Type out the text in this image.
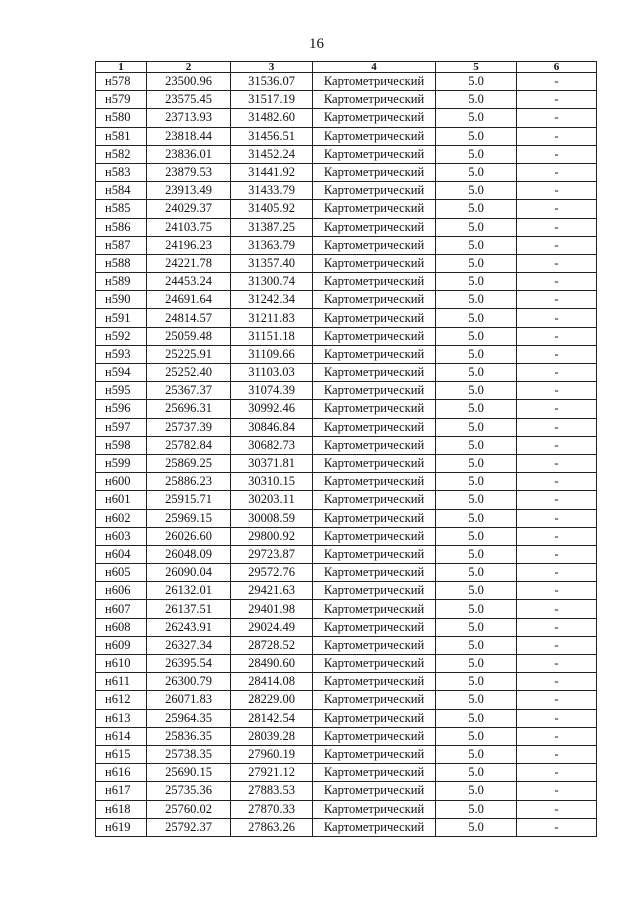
16
1	2	3	4	5	6
н578	23500.96	31536.07	Картометрический	5.0	-
н579	23575.45	31517.19	Картометрический	5.0	-
н580	23713.93	31482.60	Картометрический	5.0	-
н581	23818.44	31456.51	Картометрический	5.0	-
н582	23836.01	31452.24	Картометрический	5.0	-
н583	23879.53	31441.92	Картометрический	5.0	-
н584	23913.49	31433.79	Картометрический	5.0	-
н585	24029.37	31405.92	Картометрический	5.0	-
н586	24103.75	31387.25	Картометрический	5.0	-
н587	24196.23	31363.79	Картометрический	5.0	-
н588	24221.78	31357.40	Картометрический	5.0	-
н589	24453.24	31300.74	Картометрический	5.0	-
н590	24691.64	31242.34	Картометрический	5.0	-
н591	24814.57	31211.83	Картометрический	5.0	-
н592	25059.48	31151.18	Картометрический	5.0	-
н593	25225.91	31109.66	Картометрический	5.0	-
н594	25252.40	31103.03	Картометрический	5.0	-
н595	25367.37	31074.39	Картометрический	5.0	-
н596	25696.31	30992.46	Картометрический	5.0	-
н597	25737.39	30846.84	Картометрический	5.0	-
н598	25782.84	30682.73	Картометрический	5.0	-
н599	25869.25	30371.81	Картометрический	5.0	-
н600	25886.23	30310.15	Картометрический	5.0	-
н601	25915.71	30203.11	Картометрический	5.0	-
н602	25969.15	30008.59	Картометрический	5.0	-
н603	26026.60	29800.92	Картометрический	5.0	-
н604	26048.09	29723.87	Картометрический	5.0	-
н605	26090.04	29572.76	Картометрический	5.0	-
н606	26132.01	29421.63	Картометрический	5.0	-
н607	26137.51	29401.98	Картометрический	5.0	-
н608	26243.91	29024.49	Картометрический	5.0	-
н609	26327.34	28728.52	Картометрический	5.0	-
н610	26395.54	28490.60	Картометрический	5.0	-
н611	26300.79	28414.08	Картометрический	5.0	-
н612	26071.83	28229.00	Картометрический	5.0	-
н613	25964.35	28142.54	Картометрический	5.0	-
н614	25836.35	28039.28	Картометрический	5.0	-
н615	25738.35	27960.19	Картометрический	5.0	-
н616	25690.15	27921.12	Картометрический	5.0	-
н617	25735.36	27883.53	Картометрический	5.0	-
н618	25760.02	27870.33	Картометрический	5.0	-
н619	25792.37	27863.26	Картометрический	5.0	-
